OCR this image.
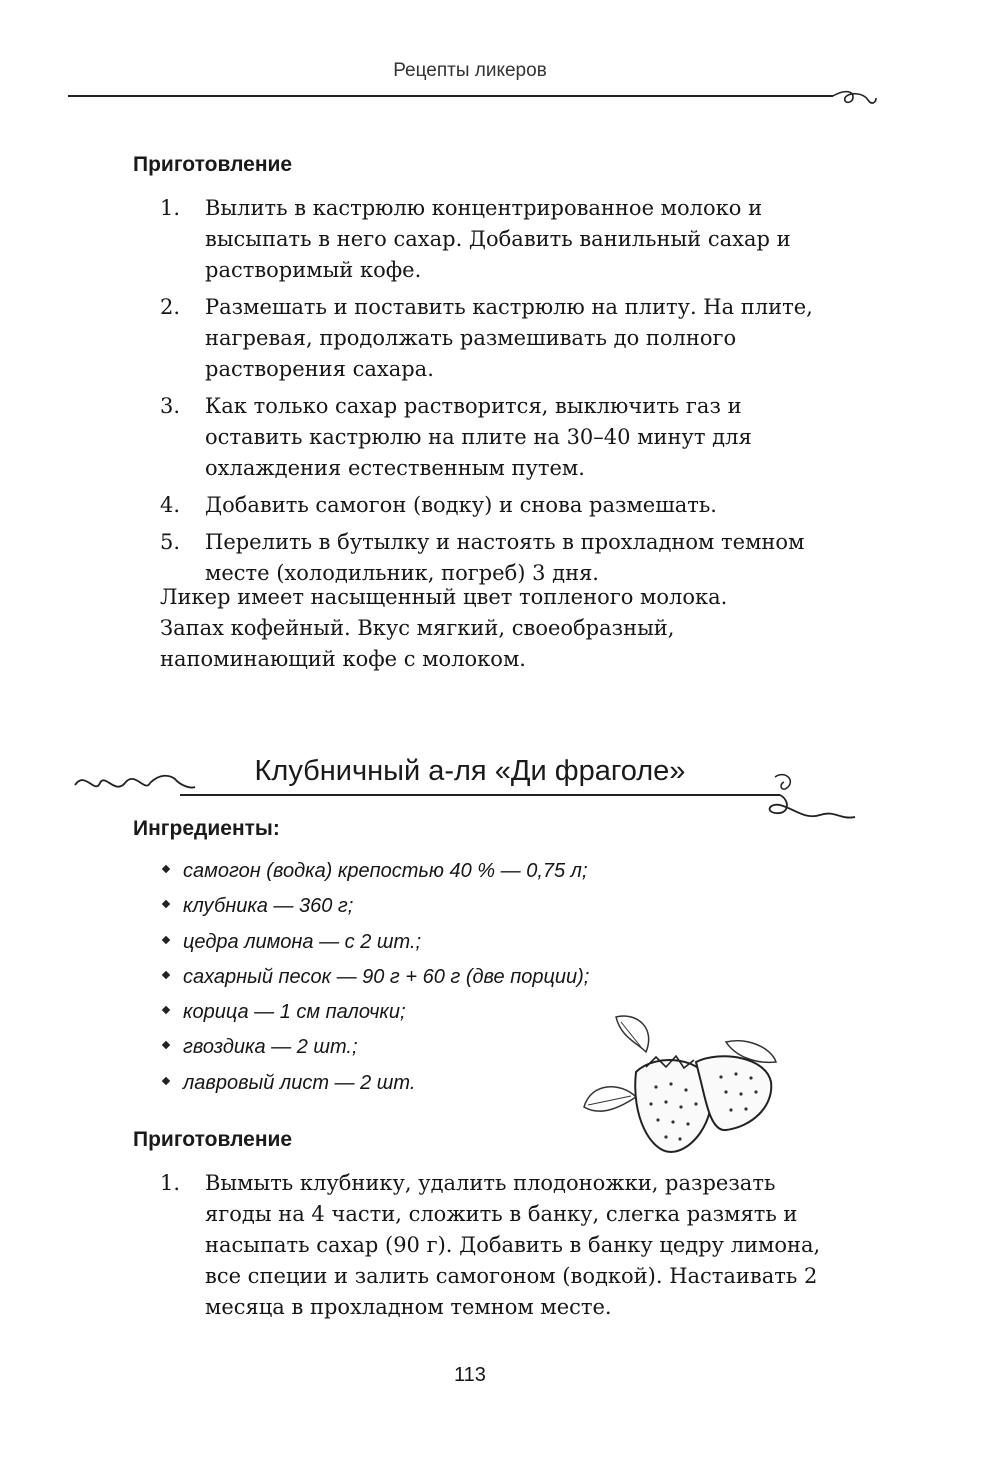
Рецепты ликеров
Приготовление
1. Вылить в кастрюлю концентрированное молоко и высыпать в него сахар. Добавить ванильный сахар и растворимый кофе.
2. Размешать и поставить кастрюлю на плиту. На плите, нагревая, продолжать размешивать до полного растворения сахара.
3. Как только сахар растворится, выключить газ и оставить кастрюлю на плите на 30–40 минут для охлаждения естественным путем.
4. Добавить самогон (водку) и снова размешать.
5. Перелить в бутылку и настоять в прохладном темном месте (холодильник, погреб) 3 дня.
Ликер имеет насыщенный цвет топленого молока. Запах кофейный. Вкус мягкий, своеобразный, напоминающий кофе с молоком.
Клубничный а-ля «Ди фраголе»
Ингредиенты:
самогон (водка) крепостью 40 % — 0,75 л;
клубника — 360 г;
цедра лимона — с 2 шт.;
сахарный песок — 90 г + 60 г (две порции);
корица — 1 см палочки;
гвоздика — 2 шт.;
лавровый лист — 2 шт.
Приготовление
1. Вымыть клубнику, удалить плодоножки, разрезать ягоды на 4 части, сложить в банку, слегка размять и насыпать сахар (90 г). Добавить в банку цедру лимона, все специи и залить самогоном (водкой). Настаивать 2 месяца в прохладном темном месте.
113
